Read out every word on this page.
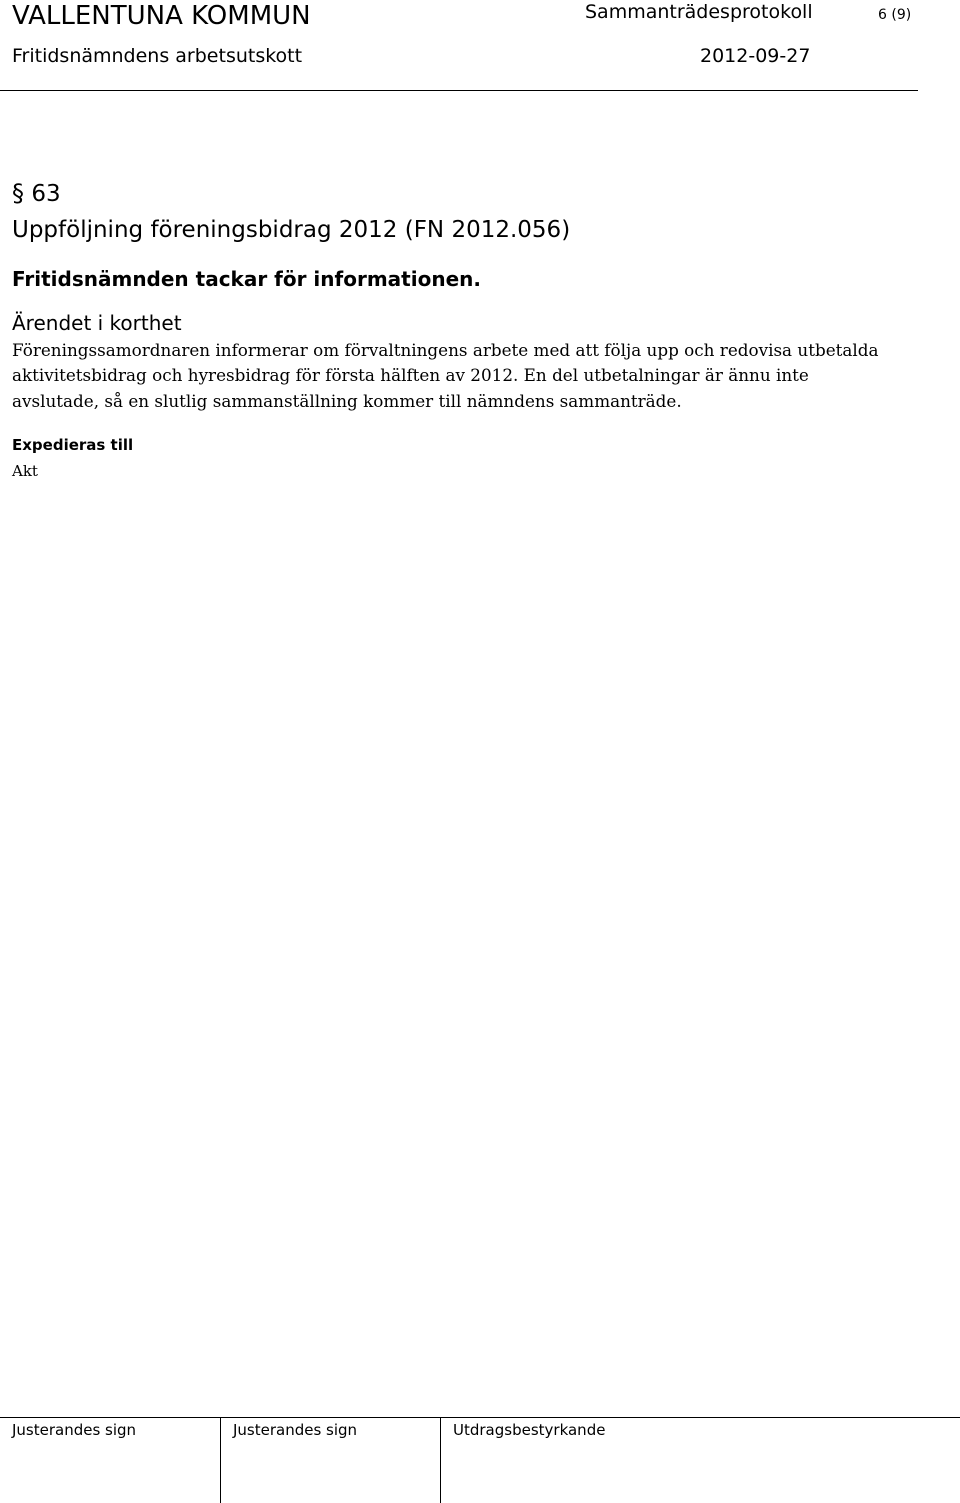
VALLENTUNA KOMMUN	Sammanträdesprotokoll	6 (9)
Fritidsnämndens arbetsutskott	2012-09-27
§ 63
Uppföljning föreningsbidrag 2012 (FN 2012.056)
Fritidsnämnden tackar för informationen.
Ärendet i korthet
Föreningssamordnaren informerar om förvaltningens arbete med att följa upp och redovisa utbetalda
aktivitetsbidrag och hyresbidrag för första hälften av 2012. En del utbetalningar är ännu inte
avslutade, så en slutlig sammanställning kommer till nämndens sammanträde.
Expedieras till
Akt
Justerandes sign	Justerandes sign	Utdragsbestyrkande
